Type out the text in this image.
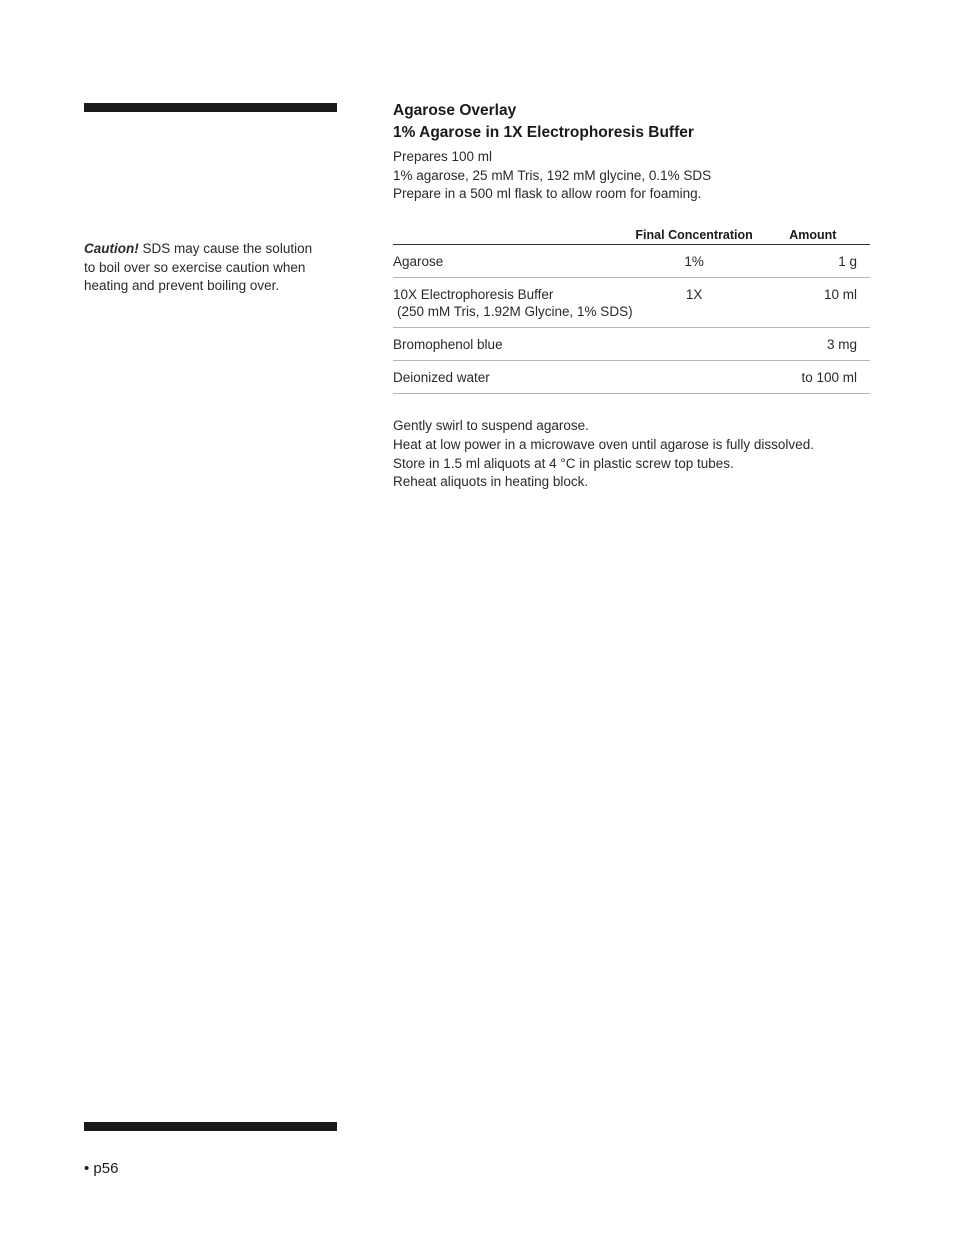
Caution! SDS may cause the solution to boil over so exercise caution when heating and prevent boiling over.
Agarose Overlay
1% Agarose in 1X Electrophoresis Buffer
Prepares 100 ml
1% agarose, 25 mM Tris, 192 mM glycine, 0.1% SDS
Prepare in a 500 ml flask to allow room for foaming.
	Final Concentration	Amount
Agarose	1%	1 g
10X Electrophoresis Buffer
(250 mM Tris, 1.92M Glycine, 1% SDS)	1X	10 ml
Bromophenol blue		3 mg
Deionized water		to 100 ml
Gently swirl to suspend agarose.
Heat at low power in a microwave oven until agarose is fully dissolved.
Store in 1.5 ml aliquots at 4 °C in plastic screw top tubes.
Reheat aliquots in heating block.
• p56
